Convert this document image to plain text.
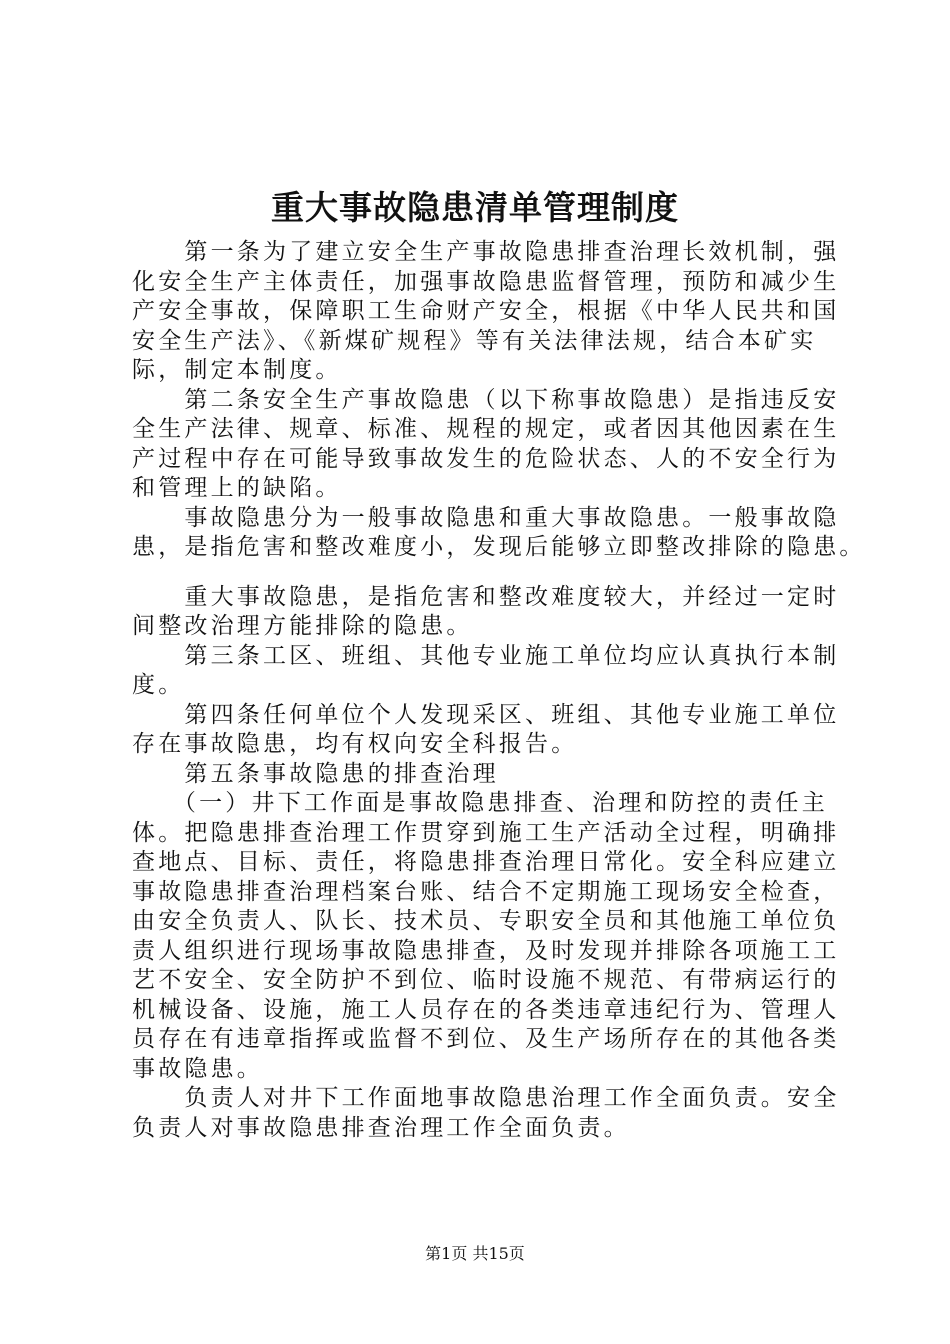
重大事故隐患清单管理制度
　　第一条为了建立安全生产事故隐患排查治理长效机制，强
化安全生产主体责任，加强事故隐患监督管理，预防和减少生
产安全事故，保障职工生命财产安全，根据《中华人民共和国
安全生产法》、《新煤矿规程》等有关法律法规，结合本矿实
际，制定本制度。
　　第二条安全生产事故隐患（以下称事故隐患）是指违反安
全生产法律、规章、标准、规程的规定，或者因其他因素在生
产过程中存在可能导致事故发生的危险状态、人的不安全行为
和管理上的缺陷。
　　事故隐患分为一般事故隐患和重大事故隐患。一般事故隐
患，是指危害和整改难度小，发现后能够立即整改排除的隐患。
　　重大事故隐患，是指危害和整改难度较大，并经过一定时
间整改治理方能排除的隐患。
　　第三条工区、班组、其他专业施工单位均应认真执行本制
度。
　　第四条任何单位个人发现采区、班组、其他专业施工单位
存在事故隐患，均有权向安全科报告。
　　第五条事故隐患的排查治理
　　（一）井下工作面是事故隐患排查、治理和防控的责任主
体。把隐患排查治理工作贯穿到施工生产活动全过程，明确排
查地点、目标、责任，将隐患排查治理日常化。安全科应建立
事故隐患排查治理档案台账、结合不定期施工现场安全检查，
由安全负责人、队长、技术员、专职安全员和其他施工单位负
责人组织进行现场事故隐患排查，及时发现并排除各项施工工
艺不安全、安全防护不到位、临时设施不规范、有带病运行的
机械设备、设施，施工人员存在的各类违章违纪行为、管理人
员存在有违章指挥或监督不到位、及生产场所存在的其他各类
事故隐患。
　　负责人对井下工作面地事故隐患治理工作全面负责。安全
负责人对事故隐患排查治理工作全面负责。

第1页 共15页
